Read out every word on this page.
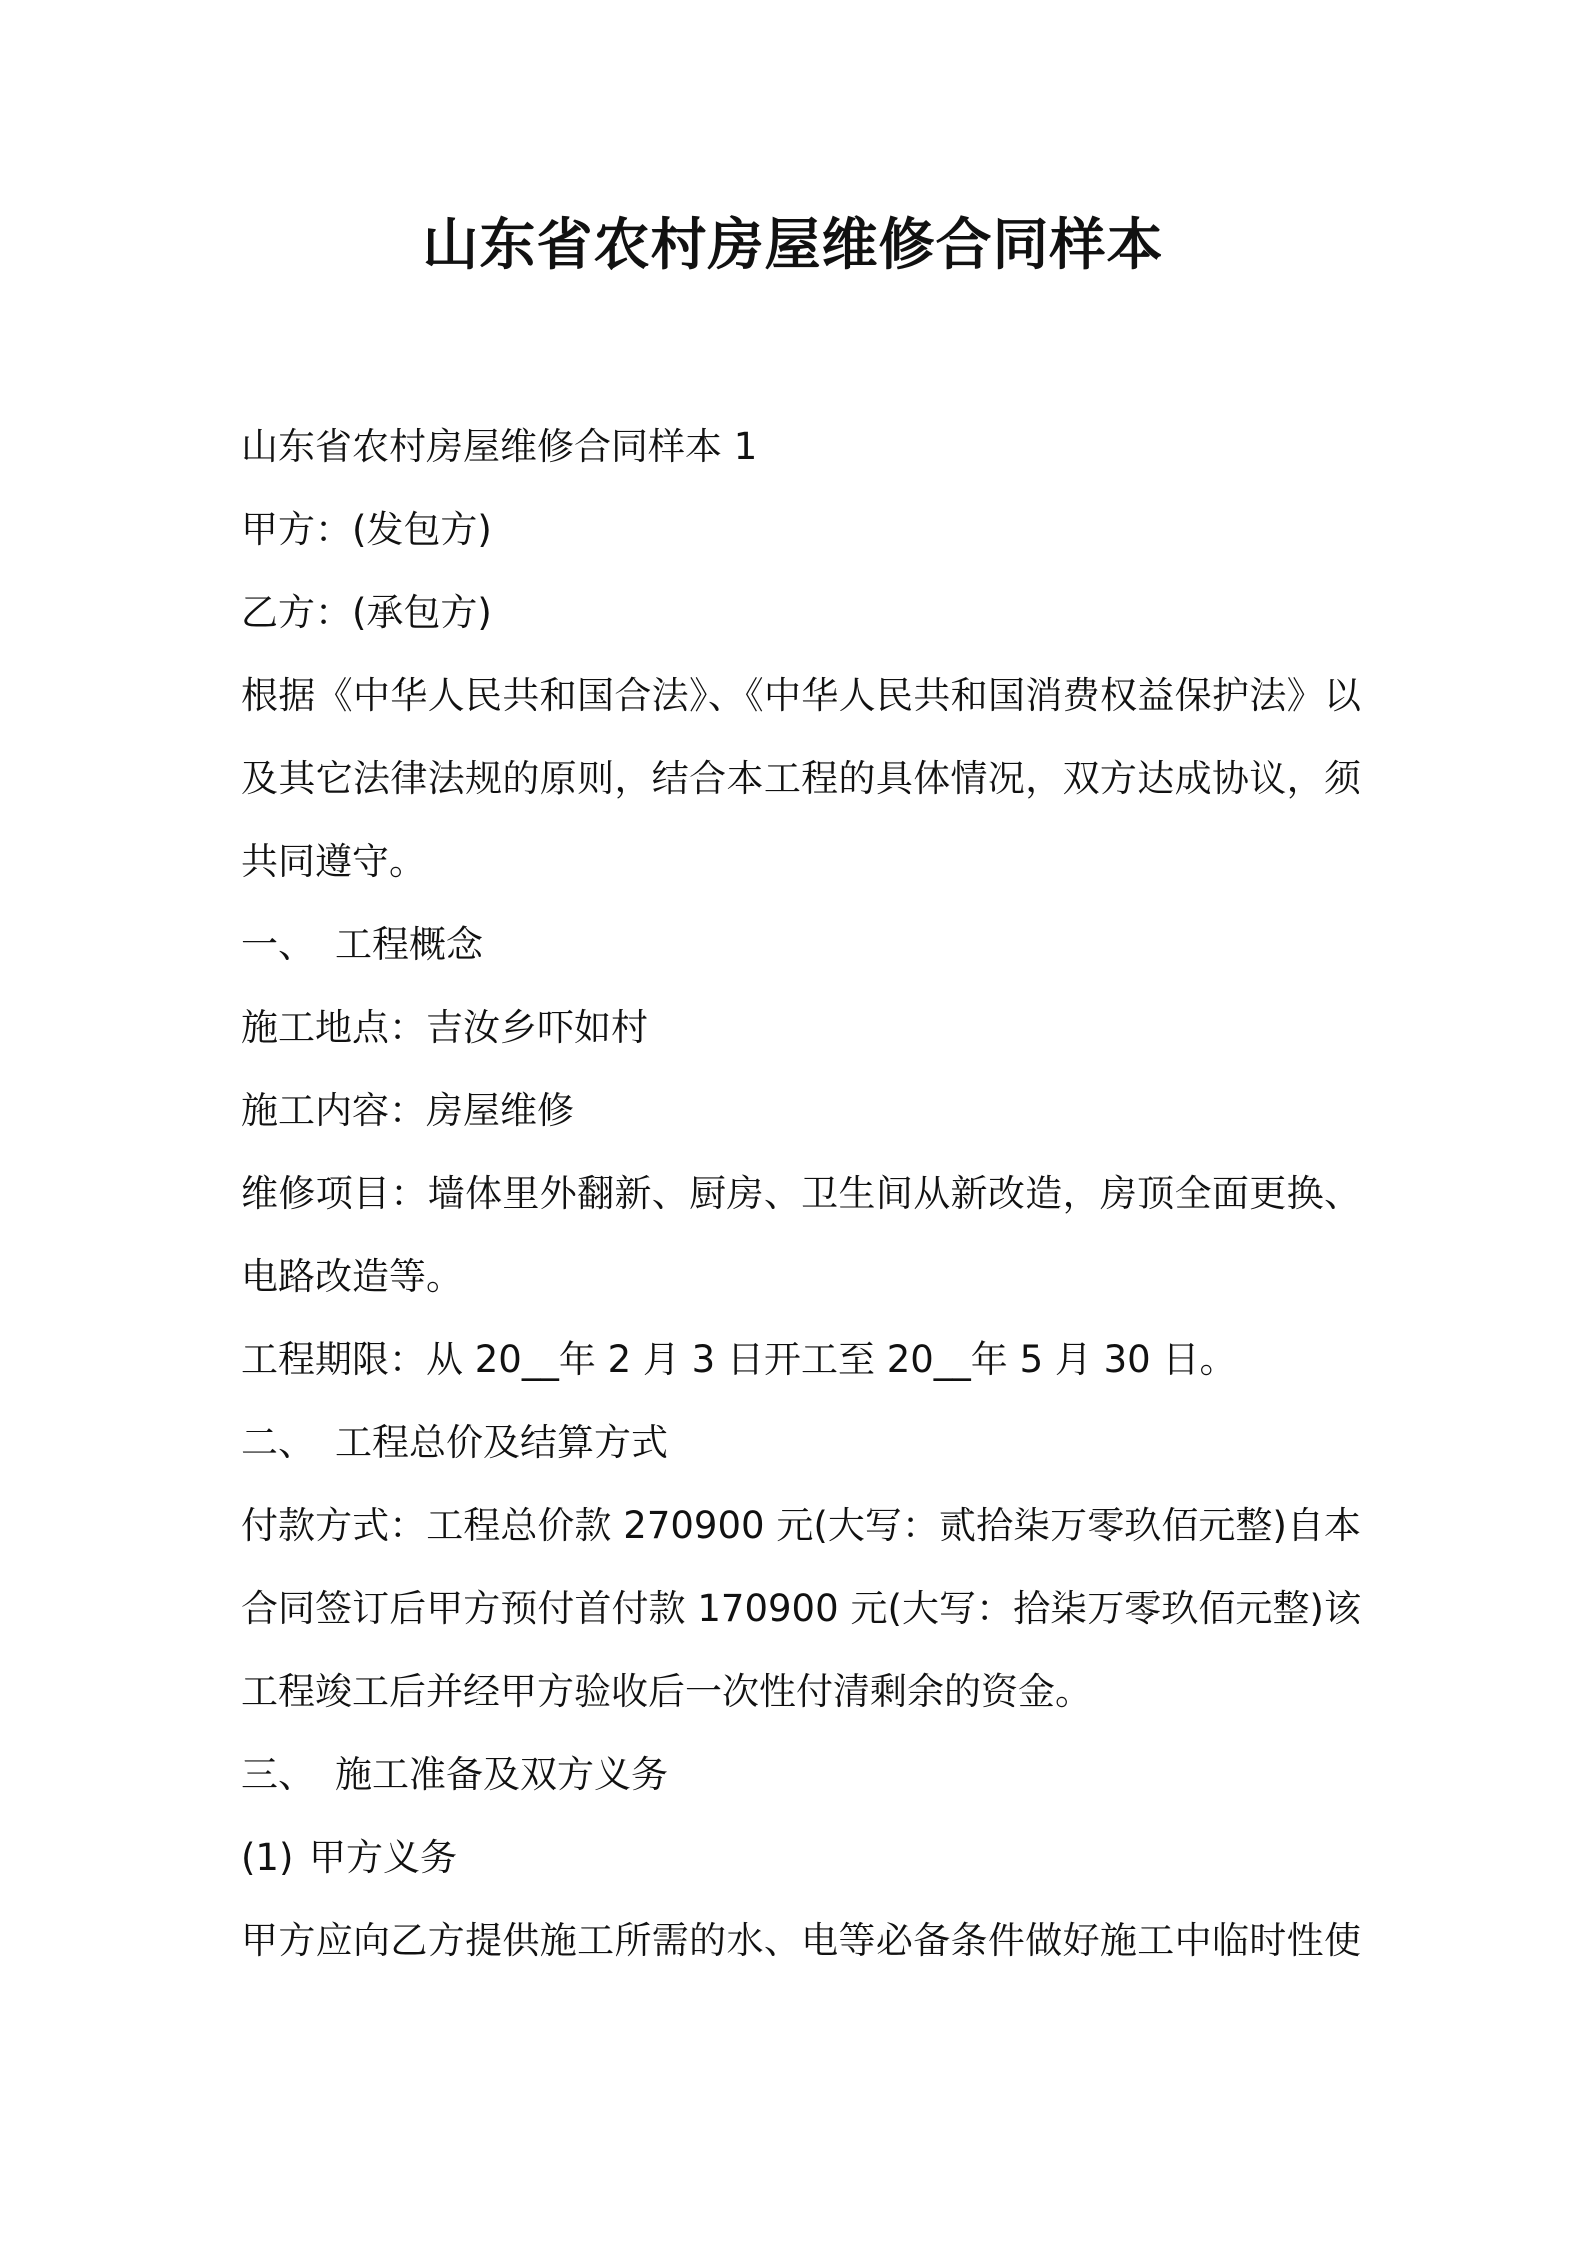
山东省农村房屋维修合同样本
山东省农村房屋维修合同样本 1
甲方：(发包方)
乙方：(承包方)
根据《中华人民共和国合法》、《中华人民共和国消费权益保护法》以
及其它法律法规的原则，结合本工程的具体情况，双方达成协议，须
共同遵守。
一、 工程概念
施工地点：吉汝乡吓如村
施工内容：房屋维修
维修项目：墙体里外翻新、厨房、卫生间从新改造，房顶全面更换、
电路改造等。
工程期限：从 20__年 2 月 3 日开工至 20__年 5 月 30 日。
二、 工程总价及结算方式
付款方式：工程总价款 270900 元(大写：贰拾柒万零玖佰元整)自本
合同签订后甲方预付首付款 170900 元(大写：拾柒万零玖佰元整)该
工程竣工后并经甲方验收后一次性付清剩余的资金。
三、 施工准备及双方义务
(1) 甲方义务
甲方应向乙方提供施工所需的水、电等必备条件做好施工中临时性使
